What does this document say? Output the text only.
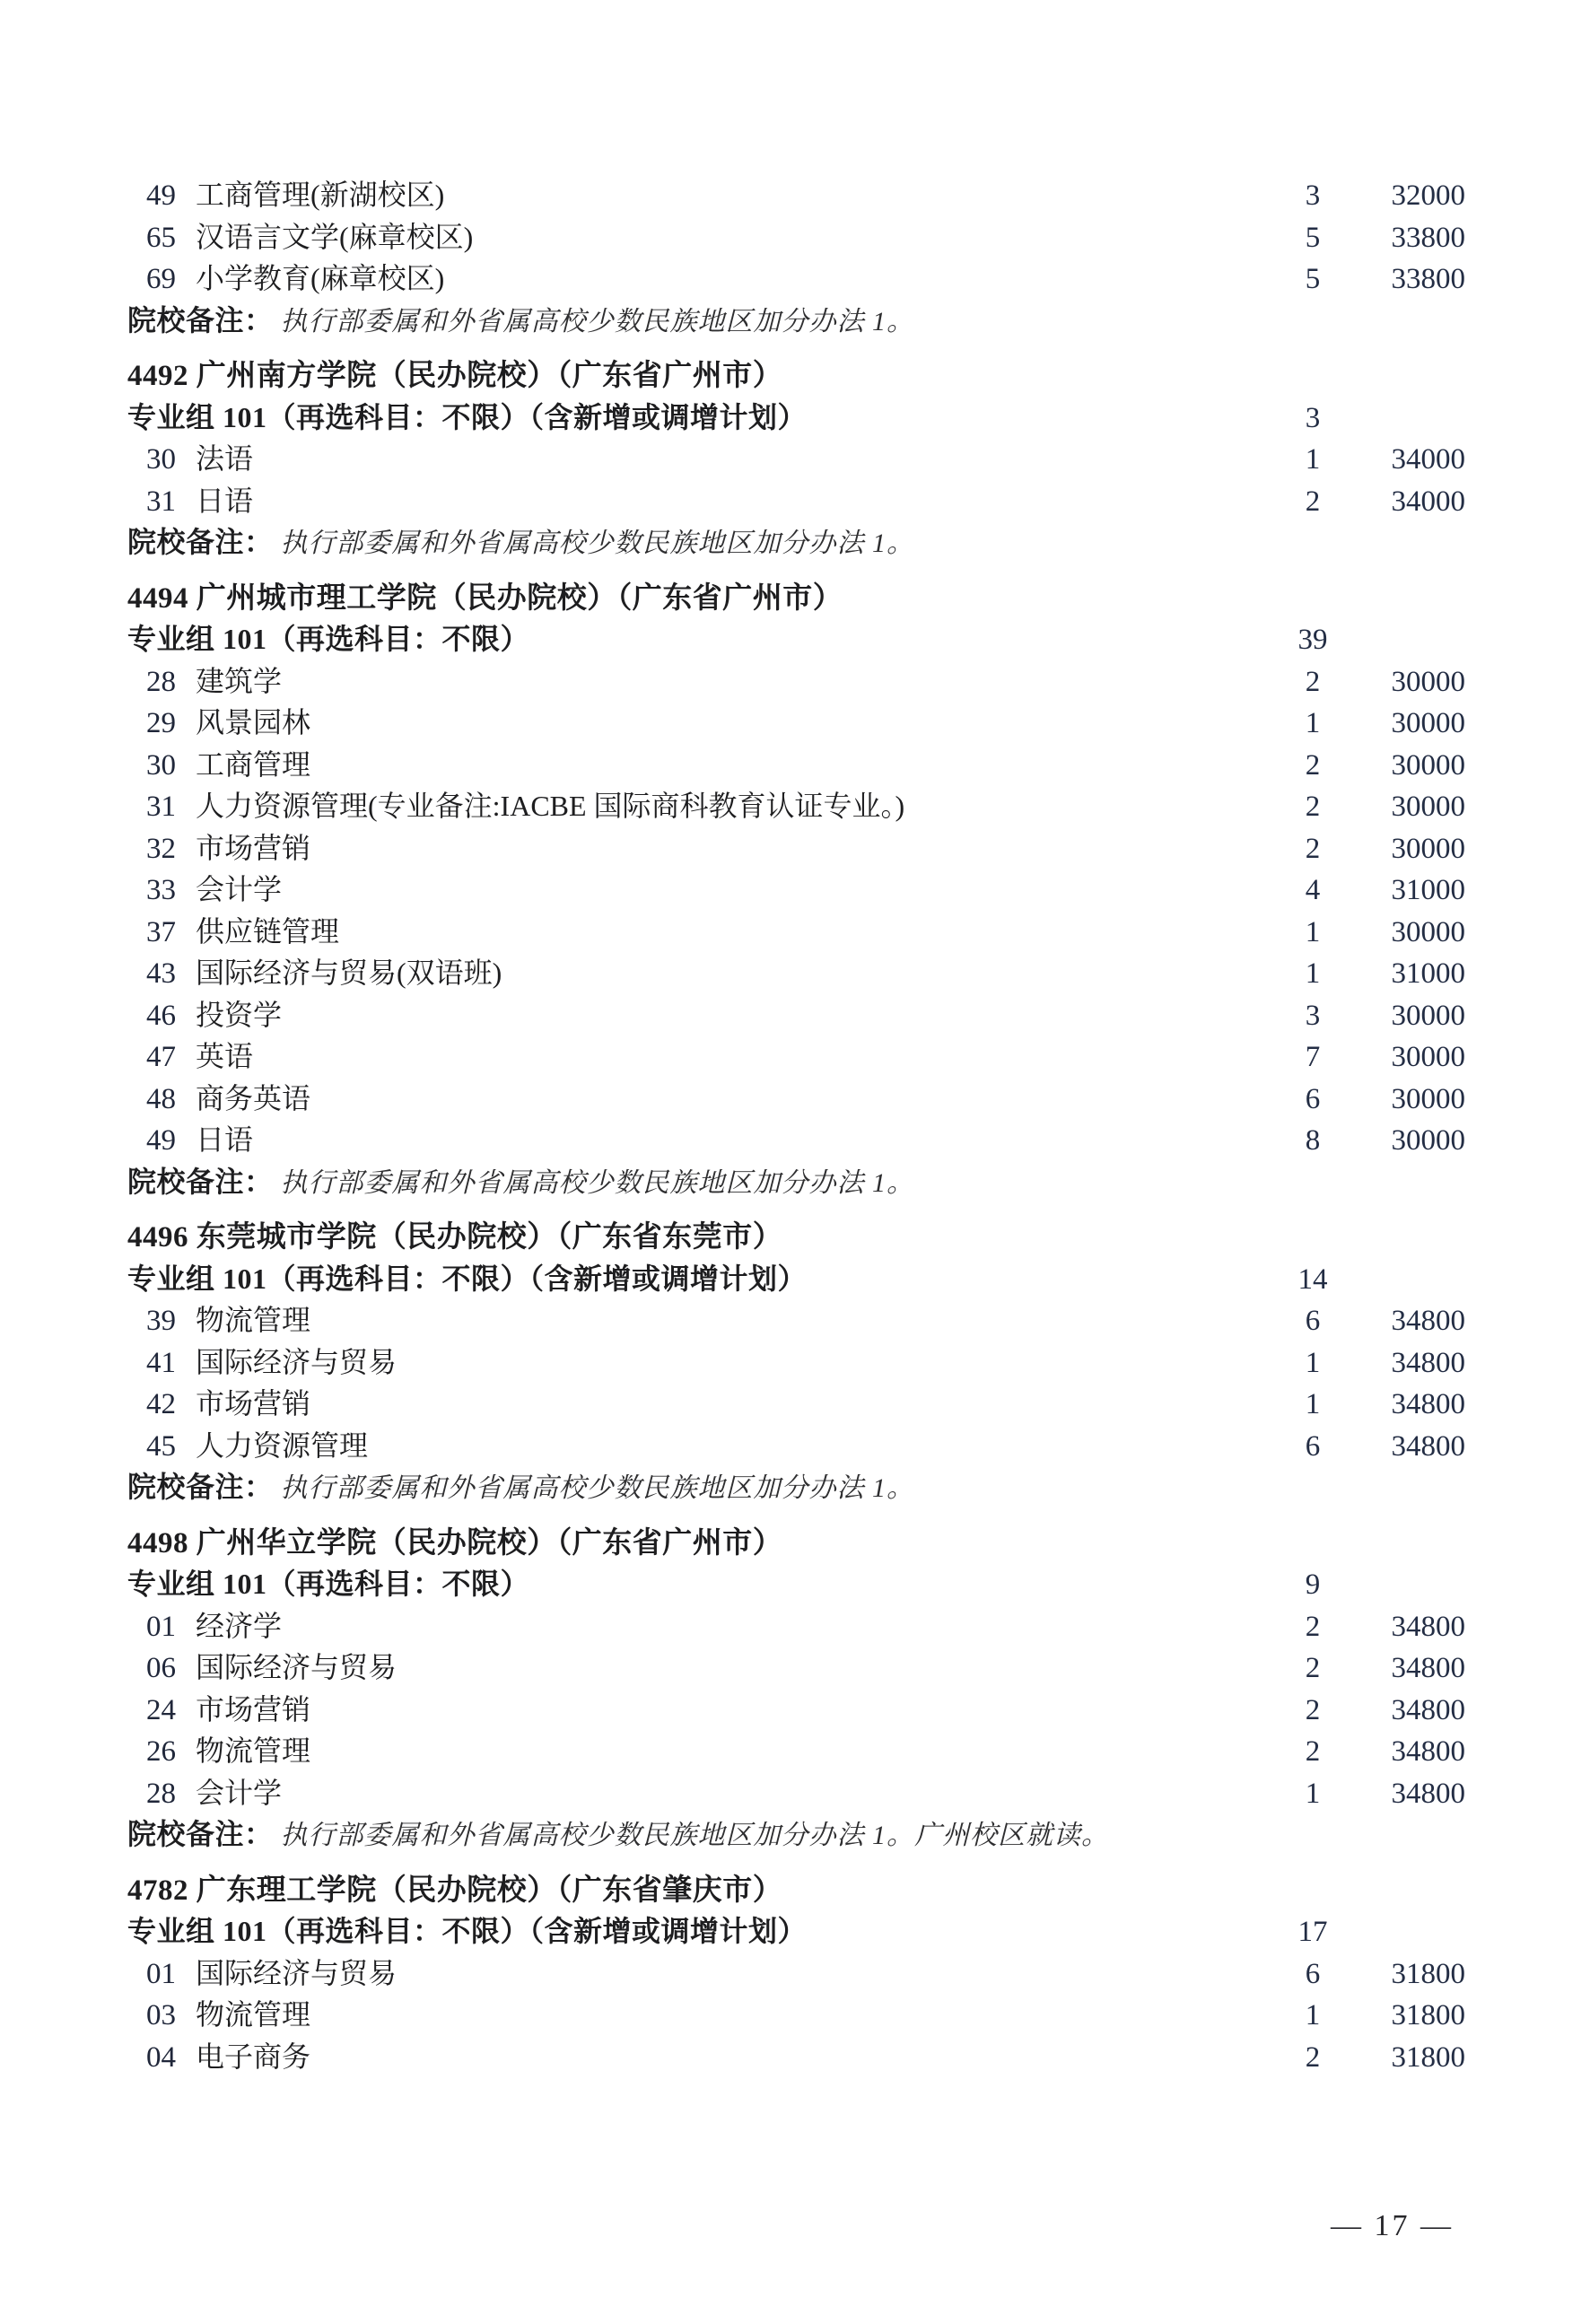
49 工商管理(新湖校区)	3	32000
65 汉语言文学(麻章校区)	5	33800
69 小学教育(麻章校区)	5	33800
院校备注： 执行部委属和外省属高校少数民族地区加分办法 1。
4492 广州南方学院（民办院校）（广东省广州市）
专业组 101（再选科目：不限）（含新增或调增计划）	3
30 法语	1	34000
31 日语	2	34000
院校备注： 执行部委属和外省属高校少数民族地区加分办法 1。
4494 广州城市理工学院（民办院校）（广东省广州市）
专业组 101（再选科目：不限）	39
28 建筑学	2	30000
29 风景园林	1	30000
30 工商管理	2	30000
31 人力资源管理(专业备注:IACBE 国际商科教育认证专业。)	2	30000
32 市场营销	2	30000
33 会计学	4	31000
37 供应链管理	1	30000
43 国际经济与贸易(双语班)	1	31000
46 投资学	3	30000
47 英语	7	30000
48 商务英语	6	30000
49 日语	8	30000
院校备注： 执行部委属和外省属高校少数民族地区加分办法 1。
4496 东莞城市学院（民办院校）（广东省东莞市）
专业组 101（再选科目：不限）（含新增或调增计划）	14
39 物流管理	6	34800
41 国际经济与贸易	1	34800
42 市场营销	1	34800
45 人力资源管理	6	34800
院校备注： 执行部委属和外省属高校少数民族地区加分办法 1。
4498 广州华立学院（民办院校）（广东省广州市）
专业组 101（再选科目：不限）	9
01 经济学	2	34800
06 国际经济与贸易	2	34800
24 市场营销	2	34800
26 物流管理	2	34800
28 会计学	1	34800
院校备注： 执行部委属和外省属高校少数民族地区加分办法 1。广州校区就读。
4782 广东理工学院（民办院校）（广东省肇庆市）
专业组 101（再选科目：不限）（含新增或调增计划）	17
01 国际经济与贸易	6	31800
03 物流管理	1	31800
04 电子商务	2	31800
— 17 —
